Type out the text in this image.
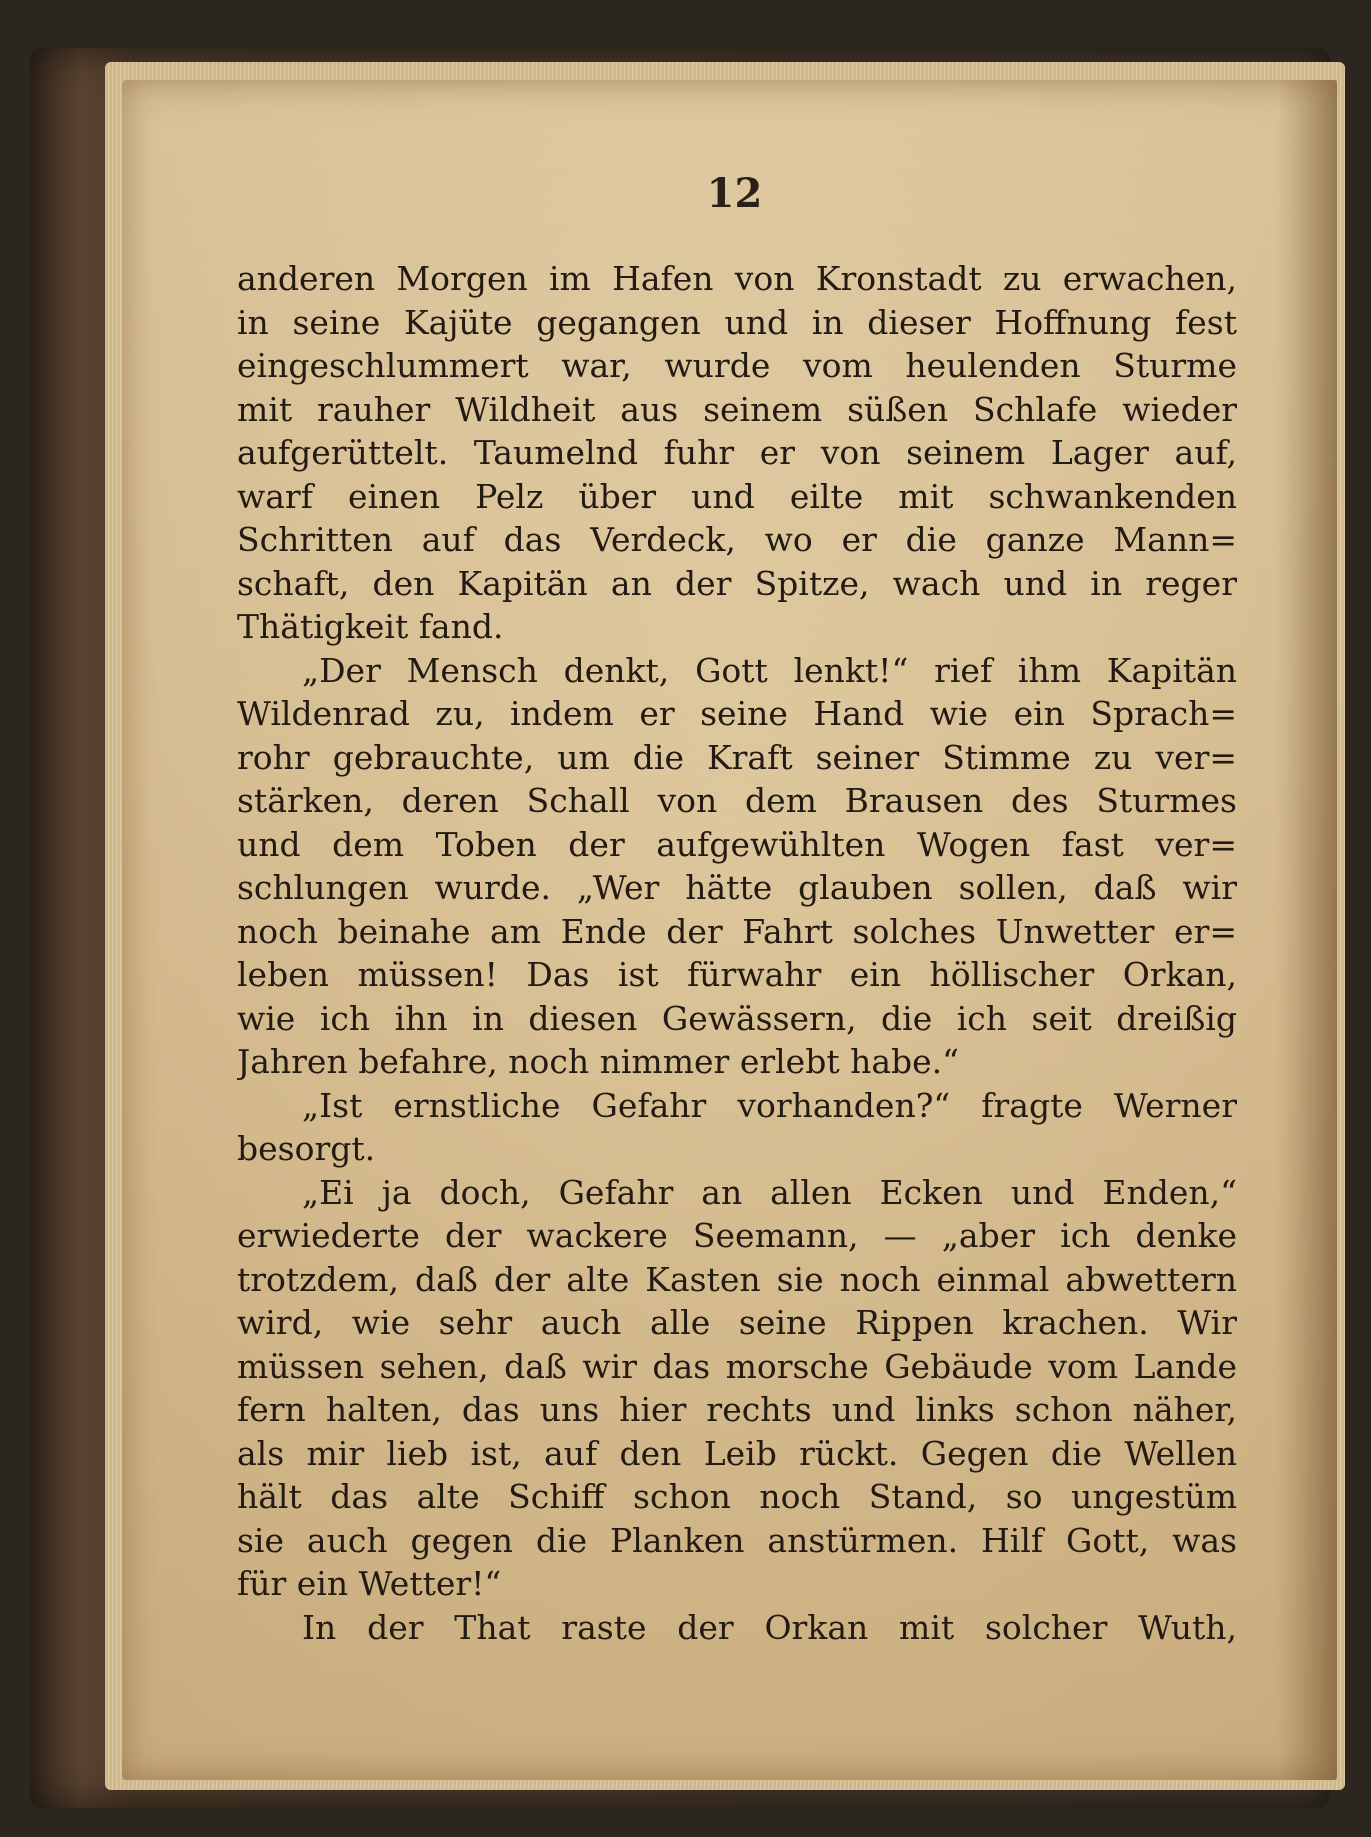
12
anderen Morgen im Hafen von Kronstadt zu erwachen,
in seine Kajüte gegangen und in dieser Hoffnung fest
eingeschlummert war, wurde vom heulenden Sturme
mit rauher Wildheit aus seinem süßen Schlafe wieder
aufgerüttelt. Taumelnd fuhr er von seinem Lager auf,
warf einen Pelz über und eilte mit schwankenden
Schritten auf das Verdeck, wo er die ganze Mann=
schaft, den Kapitän an der Spitze, wach und in reger
Thätigkeit fand.
„Der Mensch denkt, Gott lenkt!“ rief ihm Kapitän
Wildenrad zu, indem er seine Hand wie ein Sprach=
rohr gebrauchte, um die Kraft seiner Stimme zu ver=
stärken, deren Schall von dem Brausen des Sturmes
und dem Toben der aufgewühlten Wogen fast ver=
schlungen wurde. „Wer hätte glauben sollen, daß wir
noch beinahe am Ende der Fahrt solches Unwetter er=
leben müssen! Das ist fürwahr ein höllischer Orkan,
wie ich ihn in diesen Gewässern, die ich seit dreißig
Jahren befahre, noch nimmer erlebt habe.“
„Ist ernstliche Gefahr vorhanden?“ fragte Werner
besorgt.
„Ei ja doch, Gefahr an allen Ecken und Enden,“
erwiederte der wackere Seemann, — „aber ich denke
trotzdem, daß der alte Kasten sie noch einmal abwettern
wird, wie sehr auch alle seine Rippen krachen. Wir
müssen sehen, daß wir das morsche Gebäude vom Lande
fern halten, das uns hier rechts und links schon näher,
als mir lieb ist, auf den Leib rückt. Gegen die Wellen
hält das alte Schiff schon noch Stand, so ungestüm
sie auch gegen die Planken anstürmen. Hilf Gott, was
für ein Wetter!“
In der That raste der Orkan mit solcher Wuth,
